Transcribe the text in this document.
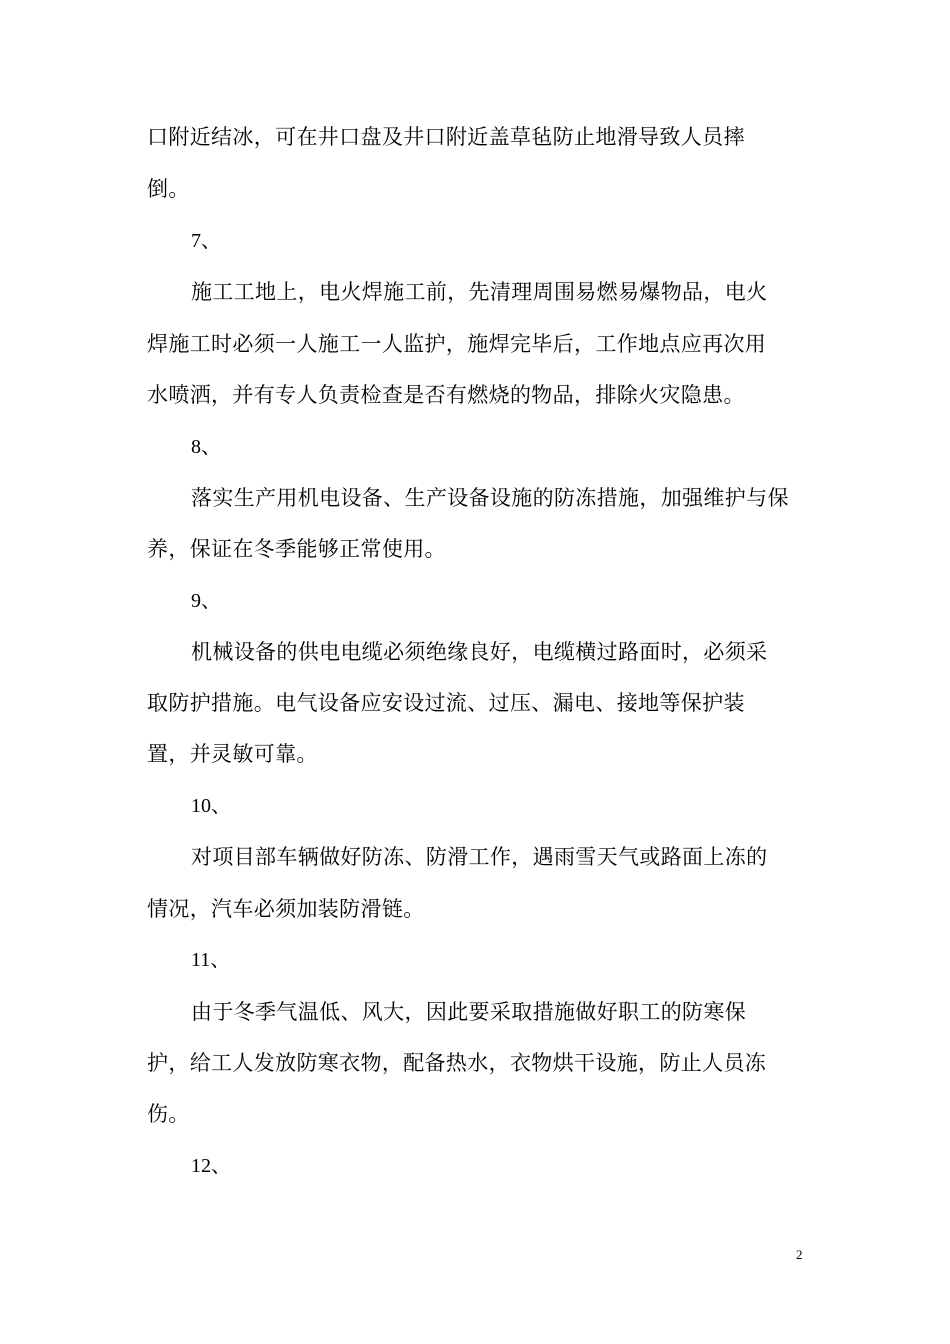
口附近结冰，可在井口盘及井口附近盖草毡防止地滑导致人员摔
倒。
7、
施工工地上，电火焊施工前，先清理周围易燃易爆物品，电火
焊施工时必须一人施工一人监护，施焊完毕后，工作地点应再次用
水喷洒，并有专人负责检查是否有燃烧的物品，排除火灾隐患。
8、
落实生产用机电设备、生产设备设施的防冻措施，加强维护与保
养，保证在冬季能够正常使用。
9、
机械设备的供电电缆必须绝缘良好，电缆横过路面时，必须采
取防护措施。电气设备应安设过流、过压、漏电、接地等保护装
置，并灵敏可靠。
10、
对项目部车辆做好防冻、防滑工作，遇雨雪天气或路面上冻的
情况，汽车必须加装防滑链。
11、
由于冬季气温低、风大，因此要采取措施做好职工的防寒保
护，给工人发放防寒衣物，配备热水，衣物烘干设施，防止人员冻
伤。
12、
2
